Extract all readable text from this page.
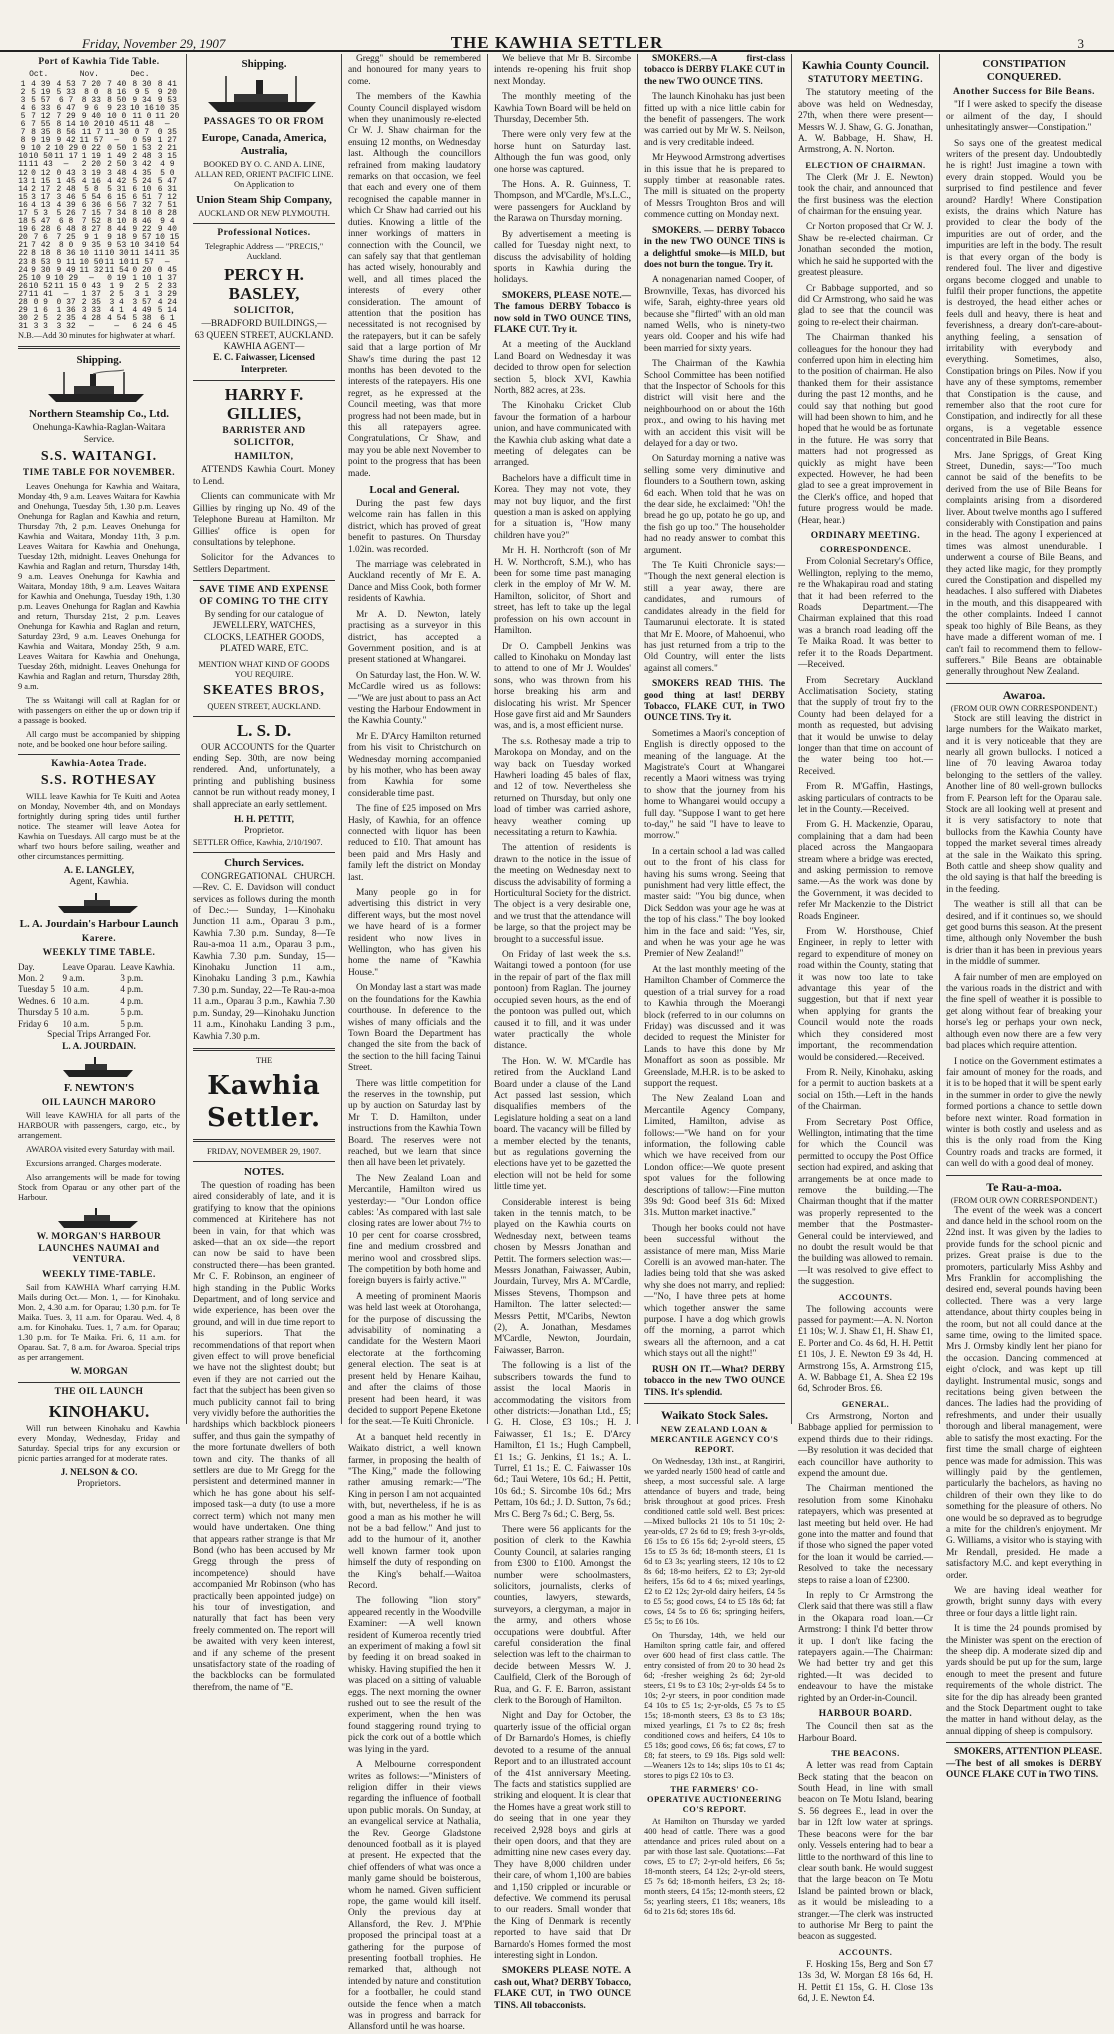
Friday, November 29, 1907	THE KAWHIA SETTLER	3
Port of Kawhia Tide Table.
	Oct.		Nov.		Dec.	
1	4 39	4 53	7 20	7 40	8 30	8 41
2	5 19	5 33	8 0	8 16	9 5	9 20
3	5 57	6 7	8 33	8 50	9 34	9 53
4	6 33	6 47	9 6	9 23	10 16	10 35
5	7 12	7 29	9 40	10 0	11 0	11 20
6	7 55	8 14	10 20	10 45	11 48	—
7	8 35	8 56	11 7	11 30	0 7	0 35
8	9 19	9 42	11 57	—	0 59	1 27
9	10 2	10 29	0 22	0 50	1 53	2 21
10	10 50	11 17	1 19	1 49	2 48	3 15
11	11 43	—	2 20	2 50	3 42	4 9
12	0 12	0 43	3 19	3 48	4 35	5 0
13	1 15	1 45	4 16	4 42	5 24	5 47
14	2 17	2 48	5 8	5 31	6 10	6 31
15	3 17	3 46	5 54	6 15	6 51	7 12
16	4 13	4 39	6 36	6 56	7 32	7 51
17	5 3	5 26	7 15	7 34	8 10	8 28
18	5 47	6 8	7 52	8 10	8 46	9 4
19	6 28	6 48	8 27	8 44	9 22	9 40
20	7 6	7 25	9 1	9 18	9 57	10 15
21	7 42	8 0	9 35	9 53	10 34	10 54
22	8 18	8 36	10 11	10 30	11 14	11 35
23	8 53	9 11	10 50	11 10	11 57	—
24	9 30	9 49	11 32	11 54	0 20	0 45
25	10 9	10 29	—	0 19	1 10	1 37
26	10 52	11 15	0 43	1 9	2 5	2 33
27	11 41	—	1 37	2 5	3 1	3 29
28	0 9	0 37	2 35	3 4	3 57	4 24
29	1 6	1 36	3 33	4 1	4 49	5 14
30	2 5	2 35	4 28	4 54	5 38	6 1
31	3 3	3 32	—	—	6 24	6 45
N.B.—Add 30 minutes for highwater at wharf.
Shipping.
Northern Steamship Co., Ltd.
Onehunga-Kawhia-Raglan-Waitara Service.
S.S. WAITANGI.
TIME TABLE FOR NOVEMBER.

Leaves Onehunga for Kawhia and Waitara, Monday 4th, 9 a.m. Leaves Waitara for Kawhia and Onehunga, Tuesday 5th, 1.30 p.m. Leaves Onehunga for Raglan and Kawhia and return, Thursday 7th, 2 p.m. Leaves Onehunga for Kawhia and Waitara, Monday 11th, 3 p.m. Leaves Waitara for Kawhia and Onehunga, Tuesday 12th, midnight. Leaves Onehunga for Kawhia and Raglan and return, Thursday 14th, 9 a.m. Leaves Onehunga for Kawhia and Waitara, Monday 18th, 9 a.m. Leaves Waitara for Kawhia and Onehunga, Tuesday 19th, 1.30 p.m. Leaves Onehunga for Raglan and Kawhia and return, Thursday 21st, 2 p.m. Leaves Onehunga for Kawhia and Raglan and return, Saturday 23rd, 9 a.m. Leaves Onehunga for Kawhia and Waitara, Monday 25th, 9 a.m. Leaves Waitara for Kawhia and Onehunga, Tuesday 26th, midnight. Leaves Onehunga for Kawhia and Raglan and return, Thursday 28th, 9 a.m.

The ss Waitangi will call at Raglan for or with passengers on either the up or down trip if a passage is booked.

All cargo must be accompanied by shipping note, and be booked one hour before sailing.

Kawhia-Aotea Trade.
S.S. ROTHESAY

WILL leave Kawhia for Te Kuiti and Aotea on Monday, November 4th, and on Mondays fortnightly during spring tides until further notice. The steamer will leave Aotea for Kawhia on Tuesdays. All cargo must be at the wharf two hours before sailing, weather and other circumstances permitting.

A. E. LANGLEY,
Agent, Kawhia.
L. A. Jourdain's Harbour Launch
Karere.
WEEKLY TIME TABLE.
Day.	Leave Oparau.	Leave Kawhia.
Mon. 2	9 a.m.	3 p.m.
Tuesday 5	10 a.m.	4 p.m.
Wednes. 6	10 a.m.	4 p.m.
Thursday 5	10 a.m.	5 p.m.
Friday 6	10 a.m.	5 p.m.
Special Trips Arranged For.
L. A. JOURDAIN.
F. NEWTON'S
OIL LAUNCH MARORO

Will leave KAWHIA for all parts of the HARBOUR with passengers, cargo, etc., by arrangement.

AWAROA visited every Saturday with mail.

Excursions arranged. Charges moderate.

Also arrangements will be made for towing Stock from Oparau or any other part of the Harbour.

W. MORGAN'S HARBOUR LAUNCHES NAUMAI and VENTURA.
WEEKLY TIME-TABLE.

Sail from KAWHIA Wharf carrying H.M. Mails during Oct.— Mon. 1, — for Kinohaku. Mon. 2, 4.30 a.m. for Oparau; 1.30 p.m. for Te Maika. Tues. 3, 11 a.m. for Oparau. Wed. 4, 8 a.m. for Kinohaku. Tues. 1, 7 a.m. for Oparau; 1.30 p.m. for Te Maika. Fri. 6, 11 a.m. for Oparau. Sat. 7, 8 a.m. for Awaroa. Special trips as per arrangement.

W. MORGAN
THE OIL LAUNCH
KINOHAKU.

Will run between Kinohaku and Kawhia every Monday, Wednesday, Friday and Saturday. Special trips for any excursion or picnic parties arranged for at moderate rates.

J. NELSON & CO.
Proprietors.
Shipping.
PASSAGES TO OR FROM
Europe, Canada, America, Australia,
BOOKED BY O. C. AND A. LINE, ALLAN RED, ORIENT PACIFIC LINE.
On Application to
Union Steam Ship Company,
AUCKLAND OR NEW PLYMOUTH.
Professional Notices.
Telegraphic Address — "PRECIS," Auckland.
PERCY H. BASLEY,
SOLICITOR,
—BRADFORD BUILDINGS,—
63 QUEEN STREET, AUCKLAND.
KAWHIA AGENT—
E. C. Faiwasser, Licensed Interpreter.
HARRY F. GILLIES,
BARRISTER AND SOLICITOR,
HAMILTON,

ATTENDS Kawhia Court. Money to Lend.

Clients can communicate with Mr Gillies by ringing up No. 49 of the Telephone Bureau at Hamilton. Mr Gillies' office is open for consultations by telephone.

Solicitor for the Advances to Settlers Department.

SAVE TIME AND EXPENSE OF COMING TO THE CITY

By sending for our catalogue of JEWELLERY, WATCHES, CLOCKS, LEATHER GOODS, PLATED WARE, ETC.

MENTION WHAT KIND OF GOODS YOU REQUIRE.
SKEATES BROS,
QUEEN STREET, AUCKLAND.
L. S. D.

OUR ACCOUNTS for the Quarter ending Sep. 30th, are now being rendered. And, unfortunately, a printing and publishing business cannot be run without ready money, I shall appreciate an early settlement.

H. H. PETTIT,
Proprietor.
SETTLER Office, Kawhia, 2/10/1907.
Church Services.

CONGREGATIONAL CHURCH.—Rev. C. E. Davidson will conduct services as follows during the month of Dec.:— Sunday, 1—Kinohaku Junction 11 a.m., Oparau 3 p.m., Kawhia 7.30 p.m. Sunday, 8—Te Rau-a-moa 11 a.m., Oparau 3 p.m., Kawhia 7.30 p.m. Sunday, 15—Kinohaku Junction 11 a.m., Kinohaku Landing 3 p.m., Kawhia 7.30 p.m. Sunday, 22—Te Rau-a-moa 11 a.m., Oparau 3 p.m., Kawhia 7.30 p.m. Sunday, 29—Kinohaku Junction 11 a.m., Kinohaku Landing 3 p.m., Kawhia 7.30 p.m.

THE
Kawhia Settler.
FRIDAY, NOVEMBER 29, 1907.
NOTES.

The question of roading has been aired considerably of late, and it is gratifying to know that the opinions commenced at Kiritehere has not been in vain, for that which was asked—that an ox side—the report can now be said to have been constructed there—has been granted. Mr C. F. Robinson, an engineer of high standing in the Public Works Department, and of long service and wide experience, has been over the ground, and will in due time report to his superiors. That the recommendations of that report when given effect to will prove beneficial we have not the slightest doubt; but even if they are not carried out the fact that the subject has been given so much publicity cannot fail to bring very vividly before the authorities the hardships which backblock pioneers suffer, and thus gain the sympathy of the more fortunate dwellers of both town and city. The thanks of all settlers are due to Mr Gregg for the persistent and determined manner in which he has gone about his self-imposed task—a duty (to use a more correct term) which not many men would have undertaken. One thing that appears rather strange is that Mr Bond (who has been accused by Mr Gregg through the press of incompetence) should have accompanied Mr Robinson (who has practically been appointed judge) on his tour of investigation, and naturally that fact has been very freely commented on. The report will be awaited with very keen interest, and if any scheme of the present unsatisfactory state of the roading of the backblocks can be formulated therefrom, the name of "E.

Gregg" should be remembered and honoured for many years to come.

The members of the Kawhia County Council displayed wisdom when they unanimously re-elected Cr W. J. Shaw chairman for the ensuing 12 months, on Wednesday last. Although the councillors refrained from making laudatory remarks on that occasion, we feel that each and every one of them recognised the capable manner in which Cr Shaw had carried out his duties. Knowing a little of the inner workings of matters in connection with the Council, we can safely say that that gentleman has acted wisely, honourably and well, and all times placed the interests of every other consideration. The amount of attention that the position has necessitated is not recognised by the ratepayers, but it can be safely said that a large portion of Mr Shaw's time during the past 12 months has been devoted to the interests of the ratepayers. His one regret, as he expressed at the Council meeting, was that more progress had not been made, but in this all ratepayers agree. Congratulations, Cr Shaw, and may you be able next November to point to the progress that has been made.

Local and General.

During the past few days welcome rain has fallen in this district, which has proved of great benefit to pastures. On Thursday 1.02in. was recorded.

The marriage was celebrated in Auckland recently of Mr E. A. Dance and Miss Cook, both former residents of Kawhia.

Mr A. D. Newton, lately practising as a surveyor in this district, has accepted a Government position, and is at present stationed at Whangarei.

On Saturday last, the Hon. W. W. McCardle wired us as follows:—"We are just about to pass an Act vesting the Harbour Endowment in the Kawhia County."

Mr E. D'Arcy Hamilton returned from his visit to Christchurch on Wednesday morning accompanied by his mother, who has been away from Kawhia for some considerable time past.

The fine of £25 imposed on Mrs Hasly, of Kawhia, for an offence connected with liquor has been reduced to £10. That amount has been paid and Mrs Hasly and family left the district on Monday last.

Many people go in for advertising this district in very different ways, but the most novel we have heard of is a former resident who now lives in Wellington, who has given his home the name of "Kawhia House."

On Monday last a start was made on the foundations for the Kawhia courthouse. In deference to the wishes of many officials and the Town Board the Department has changed the site from the back of the section to the hill facing Tainui Street.

There was little competition for the reserves in the township, put up by auction on Saturday last by Mr T. D. Hamilton, under instructions from the Kawhia Town Board. The reserves were not reached, but we learn that since then all have been let privately.

The New Zealand Loan and Mercantile, Hamilton wired us yesterday:— "Our London office cables: 'As compared with last sale closing rates are lower about 7½ to 10 per cent for coarse crossbred, fine and medium crossbred and merino wool and crossbred slips. The competition by both home and foreign buyers is fairly active.'"

A meeting of prominent Maoris was held last week at Otorohanga, for the purpose of discussing the advisability of nominating a candidate for the Western Maori electorate at the forthcoming general election. The seat is at present held by Henare Kaihau, and after the claims of those present had been heard, it was decided to support Pepene Eketone for the seat.—Te Kuiti Chronicle.

At a banquet held recently in Waikato district, a well known farmer, in proposing the health of "The King," made the following rather amusing remark:—"The King in person I am not acquainted with, but, nevertheless, if he is as good a man as his mother he will not be a bad fellow." And just to add to the humour of it, another well known farmer took upon himself the duty of responding on the King's behalf.—Waitoa Record.

The following "lion story" appeared recently in the Woodville Examiner: —A well known resident of Kumeroa recently tried an experiment of making a fowl sit by feeding it on bread soaked in whisky. Having stupified the hen it was placed on a sitting of valuable eggs. The next morning the owner rushed out to see the result of the experiment, when the hen was found staggering round trying to pick the cork out of a bottle which was lying in the yard.

A Melbourne correspondent writes as follows:—"Ministers of religion differ in their views regarding the influence of football upon public morals. On Sunday, at an evangelical service at Nathalia, the Rev. George Gladstone denounced football as it is played at present. He expected that the chief offenders of what was once a manly game should be boisterous, whom he named. Given sufficient rope, the game would kill itself. Only the previous day at Allansford, the Rev. J. M'Phie proposed the principal toast at a gathering for the purpose of presenting football trophies. He remarked that, although not intended by nature and constitution for a footballer, he could stand outside the fence when a match was in progress and barrack for Allansford until he was hoarse.

We believe that Mr B. Sircombe intends re-opening his fruit shop next Monday.

The monthly meeting of the Kawhia Town Board will be held on Thursday, December 5th.

There were only very few at the horse hunt on Saturday last. Although the fun was good, only one horse was captured.

The Hons. A. R. Guinness, T. Thompson, and M'Cardle, M's.L.C., were passengers for Auckland by the Rarawa on Thursday morning.

By advertisement a meeting is called for Tuesday night next, to discuss the advisability of holding sports in Kawhia during the holidays.

SMOKERS, PLEASE NOTE.—The famous DERBY Tobacco is now sold in TWO OUNCE TINS, FLAKE CUT. Try it.

At a meeting of the Auckland Land Board on Wednesday it was decided to throw open for selection section 5, block XVI, Kawhia North, 882 acres, at 23s.

The Kinohaku Cricket Club favour the formation of a harbour union, and have communicated with the Kawhia club asking what date a meeting of delegates can be arranged.

Bachelors have a difficult time in Korea. They may not vote, they may not buy liquor, and the first question a man is asked on applying for a situation is, "How many children have you?"

Mr H. H. Northcroft (son of Mr H. W. Northcroft, S.M.), who has been for some time past managing clerk in the employ of Mr W. M. Hamilton, solicitor, of Short and street, has left to take up the legal profession on his own account in Hamilton.

Dr O. Campbell Jenkins was called to Kinohaku on Monday last to attend to one of Mr J. Wouldes' sons, who was thrown from his horse breaking his arm and dislocating his wrist. Mr Spencer Hose gave first aid and Mr Saunders was, and is, a most efficient nurse.

The s.s. Rothesay made a trip to Marokopa on Monday, and on the way back on Tuesday worked Hawheri loading 45 bales of flax, and 12 of tow. Nevertheless she returned on Thursday, but only one load of timber was carried ashore, heavy weather coming up necessitating a return to Kawhia.

The attention of residents is drawn to the notice in the issue of the meeting on Wednesday next to discuss the advisability of forming a Horticultural Society for the district. The object is a very desirable one, and we trust that the attendance will be large, so that the project may be brought to a successful issue.

On Friday of last week the s.s. Waitangi towed a pontoon (for use in the repair of part of the flax mill pontoon) from Raglan. The journey occupied seven hours, as the end of the pontoon was pulled out, which caused it to fill, and it was under water practically the whole distance.

The Hon. W. W. M'Cardle has retired from the Auckland Land Board under a clause of the Land Act passed last session, which disqualifies members of the Legislature holding a seat on a land board. The vacancy will be filled by a member elected by the tenants, but as regulations governing the elections have yet to be gazetted the election will not be held for some little time yet.

Considerable interest is being taken in the tennis match, to be played on the Kawhia courts on Wednesday next, between teams chosen by Messrs Jonathan and Pettit. The formers selection was:—Messrs Jonathan, Faiwasser, Aubin, Jourdain, Turvey, Mrs A. M'Cardle, Misses Stevens, Thompson and Hamilton. The latter selected:—Messrs Pettit, M'Caribs, Newton (2), A. Jonathan, Mesdames M'Cardle, Newton, Jourdain, Faiwasser, Barron.

The following is a list of the subscribers towards the fund to assist the local Maoris in accommodating the visitors from other districts:—Jonathan Ltd., £5; G. H. Close, £3 10s.; H. J. Faiwasser, £1 1s.; E. D'Arcy Hamilton, £1 1s.; Hugh Campbell, £1 1s.; G. Jenkins, £1 1s.; A. L. Turrel, £1 1s.; E. C. Faiwasser 10s 6d.; Taui Wetere, 10s 6d.; H. Pettit, 10s 6d.; S. Sircombe 10s 6d.; Mrs Pettam, 10s 6d.; J. D. Sutton, 7s 6d.; Mrs C. Berg 7s 6d.; C. Berg, 5s.

There were 56 applicants for the position of clerk to the Kawhia County Council, at salaries ranging from £300 to £100. Amongst the number were schoolmasters, solicitors, journalists, clerks of counties, lawyers, stewards, surveyors, a clergyman, a major in the army, and others whose occupations were doubtful. After careful consideration the final selection was left to the chairman to decide between Messrs W. J. Caulfield, Clerk of the Borough of Rua, and G. F. E. Barron, assistant clerk to the Borough of Hamilton.

Night and Day for October, the quarterly issue of the official organ of Dr Barnardo's Homes, is chiefly devoted to a resume of the annual Report and to an illustrated account of the 41st anniversary Meeting. The facts and statistics supplied are striking and eloquent. It is clear that the Homes have a great work still to do seeing that in one year they received 2,928 boys and girls at their open doors, and that they are admitting nine new cases every day. They have 8,000 children under their care, of whom 1,100 are babies and 1,150 crippled or incurable or defective. We commend its perusal to our readers. Small wonder that the King of Denmark is recently reported to have said that Dr Barnardo's Homes formed the most interesting sight in London.

SMOKERS PLEASE NOTE. A cash out, What? DERBY Tobacco, FLAKE CUT, in TWO OUNCE TINS. All tobacconists.

SMOKERS.—A first-class tobacco is DERBY FLAKE CUT in the new TWO OUNCE TINS.

The launch Kinohaku has just been fitted up with a nice little cabin for the benefit of passengers. The work was carried out by Mr W. S. Neilson, and is very creditable indeed.

Mr Heywood Armstrong advertises in this issue that he is prepared to supply timber at reasonable rates. The mill is situated on the property of Messrs Troughton Bros and will commence cutting on Monday next.

SMOKERS. — DERBY Tobacco in the new TWO OUNCE TINS is a delightful smoke—is MILD, but does not burn the tongue. Try it.

A nonagenarian named Cooper, of Brownville, Texas, has divorced his wife, Sarah, eighty-three years old because she "flirted" with an old man named Wells, who is ninety-two years old. Cooper and his wife had been married for sixty years.

The Chairman of the Kawhia School Committee has been notified that the Inspector of Schools for this district will visit here and the neighbourhood on or about the 16th prox., and owing to his having met with an accident this visit will be delayed for a day or two.

On Saturday morning a native was selling some very diminutive and flounders to a Southern town, asking 6d each. When told that he was on the dear side, he exclaimed: "Oh! the bread he go up, potato he go up, and the fish go up too." The householder had no ready answer to combat this argument.

The Te Kuiti Chronicle says:— "Though the next general election is still a year away, there are candidates, and rumours of candidates already in the field for Taumarunui electorate. It is stated that Mr E. Moore, of Mahoenui, who has just returned from a trip to the Old Country, will enter the lists against all comers."

SMOKERS READ THIS. The good thing at last! DERBY Tobacco, FLAKE CUT, in TWO OUNCE TINS. Try it.

Sometimes a Maori's conception of English is directly opposed to the meaning of the language. At the Magistrate's Court at Whangarei recently a Maori witness was trying to show that the journey from his home to Whangarei would occupy a full day. "Suppose I want to get here to-day," he said "I have to leave to morrow."

In a certain school a lad was called out to the front of his class for having his sums wrong. Seeing that punishment had very little effect, the master said: "You big dunce, when Dick Seddon was your age he was at the top of his class." The boy looked him in the face and said: "Yes, sir, and when he was your age he was Premier of New Zealand!"

At the last monthly meeting of the Hamilton Chamber of Commerce the question of a trial survey for a road to Kawhia through the Moerangi block (referred to in our columns on Friday) was discussed and it was decided to request the Minister for Lands to have this done by Mr Monaffort as soon as possible. Mr Greenslade, M.H.R. is to be asked to support the request.

The New Zealand Loan and Mercantile Agency Company, Limited, Hamilton, advise as follows:—"We hand on for your information, the following cable which we have received from our London office:—We quote present spot values for the following descriptions of tallow:—Fine mutton 39s 9d: Good beef 31s 6d: Mixed 31s. Mutton market inactive."

Though her books could not have been successful without the assistance of mere man, Miss Marie Corelli is an avowed man-hater. The ladies being told that she was asked why she does not marry, and replied:—"No, I have three pets at home which together answer the same purpose. I have a dog which growls off the morning, a parrot which swears all the afternoon, and a cat which stays out all the night!"

RUSH ON IT.—What? DERBY tobacco in the new TWO OUNCE TINS. It's splendid.

Waikato Stock Sales.
NEW ZEALAND LOAN & MERCANTILE AGENCY CO'S REPORT.

On Wednesday, 13th inst., at Rangiriri, we yarded nearly 1500 head of cattle and sheep, a most successful sale. A large attendance of buyers and trade, being brisk throughout at good prices. Fresh conditioned cattle sold well. Best prices:—Mixed bullocks 21 10s to 51 10s; 2-year-olds, £7 2s 6d to £9; fresh 3-yr-olds, £6 15s to £6 15s 6d; 2-yr-old steers, £5 15s to £5 3s 6d; 18-month steers, £1 1s 6d to £3 3s; yearling steers, 12 10s to £2 8s 6d; 18-mo heifers, £2 to £3; 2yr-old heifers, 15s 6d to 4 6s; mixed yearlings, £2 to £2 12s; 2yr-old dairy heifers, £4 5s to £5 5s; good cows, £4 to £5 18s 6d; fat cows, £4 5s to £6 6s; springing heifers, £5 5s; to £6 10s.

On Thursday, 14th, we held our Hamilton spring cattle fair, and offered over 600 head of first class cattle. The entry consisted of from 20 to 30 head 2s 6d; -fresher weighing 2s 6d; 2yr-old steers, £1 9s to £3 10s; 2-yr-olds £4 5s to 10s; 2-yr steers, in poor condition made £4 10s to £5 1s; 2-yr-olds, £5 7s to £5 15s; 18-month steers, £3 8s to £3 18s; mixed yearlings, £1 7s to £2 8s; fresh conditioned cows and heifers, £4 10s to £5 18s; good cows, £6 6s; fat cows, £7 to £8; fat steers, to £9 18s. Pigs sold well: —Weaners 12s to 14s; slips 10s to £1 4s; stores to pigs £2 10s to £3.

THE FARMERS' CO-OPERATIVE AUCTIONEERING CO'S REPORT.

At Hamilton on Thursday we yarded 400 head of cattle. There was a good attendance and prices ruled about on a par with those last sale. Quotations:—Fat cows, £5 to £7; 2-yr-old heifers, £6 5s; 18-month steers, £4 12s; 2-yr-old steers, £5 7s 6d; 18-month heifers, £3 2s; 18-month steers, £4 15s; 12-month steers, £2 5s; yearling steers, £1 18s; weaners, 18s 6d to 21s 6d; stores 18s 6d.

Kawhia County Council.
STATUTORY MEETING.

The statutory meeting of the above was held on Wednesday, 27th, when there were present—Messrs W. J. Shaw, G. G. Jonathan, A. W. Babbage, H. Shaw, H. Armstrong, A. N. Norton.

ELECTION OF CHAIRMAN.

The Clerk (Mr J. E. Newton) took the chair, and announced that the first business was the election of chairman for the ensuing year.

Cr Norton proposed that Cr W. J. Shaw be re-elected chairman. Cr Jonathan seconded the motion, which he said he supported with the greatest pleasure.

Cr Babbage supported, and so did Cr Armstrong, who said he was glad to see that the council was going to re-elect their chairman.

The Chairman thanked his colleagues for the honour they had conferred upon him in electing him to the position of chairman. He also thanked them for their assistance during the past 12 months, and he could say that nothing but good will had been shown to him, and he hoped that he would be as fortunate in the future. He was sorry that matters had not progressed as quickly as might have been expected. However, he had been glad to see a great improvement in the Clerk's office, and hoped that future progress would be made. (Hear, hear.)

ORDINARY MEETING.
CORRESPONDENCE.

From Colonial Secretary's Office, Wellington, replying to the memo, re the Whakapirau road and stating that it had been referred to the Roads Department.—The Chairman explained that this road was a branch road leading off the Te Maika Road. It was better to refer it to the Roads Department. —Received.

From Secretary Auckland Acclimatisation Society, stating that the supply of trout fry to the County had been delayed for a month as requested, but advising that it would be unwise to delay longer than that time on account of the water being too hot.—Received.

From R. M'Gaffin, Hastings, asking particulars of contracts to be let in the County.—Received.

From G. H. Mackenzie, Oparau, complaining that a dam had been placed across the Mangaopara stream where a bridge was erected, and asking permission to remove same.—As the work was done by the Government, it was decided to refer Mr Mackenzie to the District Roads Engineer.

From W. Horsthouse, Chief Engineer, in reply to letter with regard to expenditure of money on road within the County, stating that it was now too late to take advantage this year of the suggestion, but that if next year when applying for grants the Council would note the roads which they considered most important, the recommendation would be considered.—Received.

From R. Neily, Kinohaku, asking for a permit to auction baskets at a social on 15th.—Left in the hands of the Chairman.

From Secretary Post Office, Wellington, intimating that the time for which the Council was permitted to occupy the Post Office section had expired, and asking that arrangements be at once made to remove the building.—The Chairman thought that if the matter was properly represented to the member that the Postmaster-General could be interviewed, and no doubt the result would be that the building was allowed to remain.—It was resolved to give effect to the suggestion.

ACCOUNTS.

The following accounts were passed for payment:—A. N. Norton £1 10s; W. J. Shaw £1, H. Shaw £1, E. Porter and Co. 4s 6d, H. H. Pettit £1 10s, J. E. Newton £9 3s 4d, H. Armstrong 15s, A. Armstrong £15, A. W. Babbage £1, A. Shea £2 19s 6d, Schroder Bros. £6.

GENERAL.

Crs Armstrong, Norton and Babbage applied for permission to expend thirds due to their ridings.—By resolution it was decided that each councillor have authority to expend the amount due.

The Chairman mentioned the resolution from some Kinohaku ratepayers, which was presented at last meeting but held over. He had gone into the matter and found that if those who signed the paper voted for the loan it would be carried.—Resolved to take the necessary steps to raise a loan of £2300.

In reply to Cr Armstrong the Clerk said that there was still a flaw in the Okapara road loan.—Cr Armstrong: I think I'd better throw it up. I don't like facing the ratepayers again.—The Chairman: We had better try and get this righted.—It was decided to endeavour to have the mistake righted by an Order-in-Council.

HARBOUR BOARD.

The Council then sat as the Harbour Board.

THE BEACONS.

A letter was read from Captain Beck stating that the beacon on South Head, in line with small beacon on Te Motu Island, bearing S. 56 degrees E., lead in over the bar in 12ft low water at springs. These beacons were for the bar only. Vessels entering had to bear a little to the northward of this line to clear south bank. He would suggest that the large beacon on Te Motu Island be painted brown or black, as it would be misleading to a stranger.—The clerk was instructed to authorise Mr Berg to paint the beacon as suggested.

ACCOUNTS.

F. Hosking 15s, Berg and Son £7 13s 3d, W. Morgan £8 16s 6d, H. H. Pettit £1 15s, G. H. Close 13s 6d, J. E. Newton £4.

CONSTIPATION CONQUERED.
Another Success for Bile Beans.

"If I were asked to specify the disease or ailment of the day, I should unhesitatingly answer—Constipation."

So says one of the greatest medical writers of the present day. Undoubtedly he is right! Just imagine a town with every drain stopped. Would you be surprised to find pestilence and fever around? Hardly! Where Constipation exists, the drains which Nature has provided to clear the body of the impurities are out of order, and the impurities are left in the body. The result is that every organ of the body is rendered foul. The liver and digestive organs become clogged and unable to fulfil their proper functions, the appetite is destroyed, the head either aches or feels dull and heavy, there is heat and feverishness, a dreary don't-care-about-anything feeling, a sensation of irritability with everybody and everything. Sometimes, also, Constipation brings on Piles. Now if you have any of these symptoms, remember that Constipation is the cause, and remember also that the root cure for Constipation, and indirectly for all these organs, is a vegetable essence concentrated in Bile Beans.

Mrs. Jane Spriggs, of Great King Street, Dunedin, says:—"Too much cannot be said of the benefits to be derived from the use of Bile Beans for complaints arising from a disordered liver. About twelve months ago I suffered considerably with Constipation and pains in the head. The agony I experienced at times was almost unendurable. I underwent a course of Bile Beans, and they acted like magic, for they promptly cured the Constipation and dispelled my headaches. I also suffered with Diabetes in the mouth, and this disappeared with the other complaints. Indeed I cannot speak too highly of Bile Beans, as they have made a different woman of me. I can't fail to recommend them to fellow-sufferers." Bile Beans are obtainable generally throughout New Zealand.

Awaroa.
(FROM OUR OWN CORRESPONDENT.)

Stock are still leaving the district in large numbers for the Waikato market, and it is very noticeable that they are nearly all grown bullocks. I noticed a line of 70 leaving Awaroa today belonging to the settlers of the valley. Another line of 80 well-grown bullocks from F. Pearson left for the Oparau sale. Stock are all looking well at present and it is very satisfactory to note that bullocks from the Kawhia County have topped the market several times already at the sale in the Waikato this spring. Both cattle and sheep show quality and the old saying is that half the breeding is in the feeding.

The weather is still all that can be desired, and if it continues so, we should get good burns this season. At the present time, although only November the bush is drier than it has been in previous years in the middle of summer.

A fair number of men are employed on the various roads in the district and with the fine spell of weather it is possible to get along without fear of breaking your horse's leg or perhaps your own neck, although even now there are a few very bad places which require attention.

I notice on the Government estimates a fair amount of money for the roads, and it is to be hoped that it will be spent early in the summer in order to give the newly formed portions a chance to settle down before next winter. Road formation in winter is both costly and useless and as this is the only road from the King Country roads and tracks are formed, it can well do with a good deal of money.

Te Rau-a-moa.
(FROM OUR OWN CORRESPONDENT.)

The event of the week was a concert and dance held in the school room on the 22nd inst. It was given by the ladies to provide funds for the school picnic and prizes. Great praise is due to the promoters, particularly Miss Ashby and Mrs Franklin for accomplishing the desired end, several pounds having been collected. There was a very large attendance, about thirty couples being in the room, but not all could dance at the same time, owing to the limited space. Mrs J. Ormsby kindly lent her piano for the occasion. Dancing commenced at eight o'clock, and was kept up till daylight. Instrumental music, songs and recitations being given between the dances. The ladies had the providing of refreshments, and under their usually thorough and liberal management, were able to satisfy the most exacting. For the first time the small charge of eighteen pence was made for admission. This was willingly paid by the gentlemen, particularly the bachelors, as having no children of their own they like to do something for the pleasure of others. No one would be so depraved as to begrudge a mite for the children's enjoyment. Mr G. Williams, a visitor who is staying with Mr Rendall, presided. He made a satisfactory M.C. and kept everything in order.

We are having ideal weather for growth, bright sunny days with every three or four days a little light rain.

It is time the 24 pounds promised by the Minister was spent on the erection of the sheep dip. A moderate sized dip and yards should be put up for the sum, large enough to meet the present and future requirements of the whole district. The site for the dip has already been granted and the Stock Department ought to take the matter in hand without delay, as the annual dipping of sheep is compulsory.

SMOKERS, ATTENTION PLEASE.—The best of all smokes is DERBY OUNCE FLAKE CUT in TWO TINS.
